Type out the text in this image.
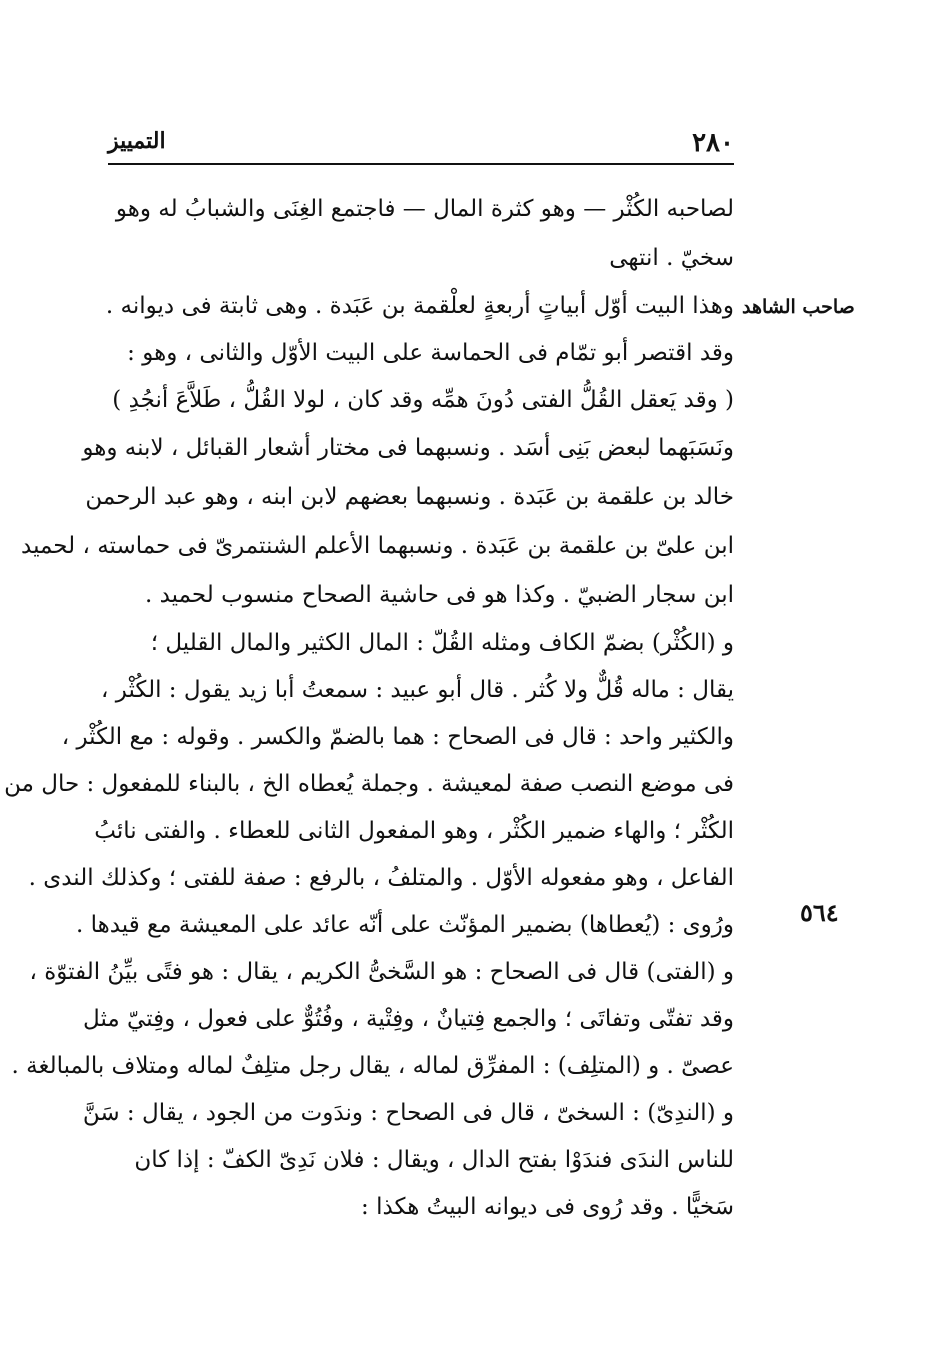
٢٨٠
التمييز
صاحب الشاهد
٥٦٤
لصاحبه الكُثْر — وهو كثرة المال — فاجتمع الغِنَى والشبابُ له وهو
سخيّ . انتهى
وهذا البيت أوّل أبياتٍ أربعةٍ لعلْقمة بن عَبَدة . وهى ثابتة فى ديوانه .
وقد اقتصر أبو تمّام فى الحماسة على البيت الأوّل والثانى ، وهو :
( وقد يَعقل القُلُّ الفتى دُونَ همِّه وقد كان ، لولا القُلُّ ، طَلاَّعَ أنجُدِ )
ونَسَبَهما لبعض بَنِى أسَد . ونسبهما فى مختار أشعار القبائل ، لابنه وهو
خالد بن علقمة بن عَبَدة . ونسبهما بعضهم لابن ابنه ، وهو عبد الرحمن
ابن علىّ بن علقمة بن عَبَدة . ونسبهما الأعلم الشنتمرىّ فى حماسته ، لحميد
ابن سجار الضبيّ . وكذا هو فى حاشية الصحاح منسوب لحميد .
و (الكُثْر) بضمّ الكاف ومثله القُلّ : المال الكثير والمال القليل ؛
يقال : ماله قُلٌّ ولا كُثر . قال أبو عبيد : سمعتُ أبا زيد يقول : الكُثْر ،
والكثير واحد : قال فى الصحاح : هما بالضمّ والكسر . وقوله : مع الكُثْر ،
فى موضع النصب صفة لمعيشة . وجملة يُعطاه الخ ، بالبناء للمفعول : حال من
الكُثْر ؛ والهاء ضمير الكُثْر ، وهو المفعول الثانى للعطاء . والفتى نائبُ
الفاعل ، وهو مفعوله الأوّل . والمتلفُ ، بالرفع : صفة للفتى ؛ وكذلك الندى .
ورُوى : (يُعطاها) بضمير المؤنّث على أنّه عائد على المعيشة مع قيدها .
و (الفتى) قال فى الصحاح : هو السَّخىُّ الكريم ، يقال : هو فتًى بيِّنُ الفتوّة ،
وقد تفتّى وتفاتَى ؛ والجمع فِتيانٌ ، وفِتْية ، وفُتُوٌّ على فعول ، وفِتيّ مثل
عصىّ . و (المتلِف) : المفرِّق لماله ، يقال رجل متلِفٌ لماله ومتلاف بالمبالغة .
و (الندِىّ) : السخىّ ، قال فى الصحاح : وندَوت من الجود ، يقال : سَنَّ
للناس الندَى فندَوْا بفتح الدال ، ويقال : فلان نَدِىّ الكفّ : إذا كان
سَخيًّا . وقد رُوى فى ديوانه البيتُ هكذا :
